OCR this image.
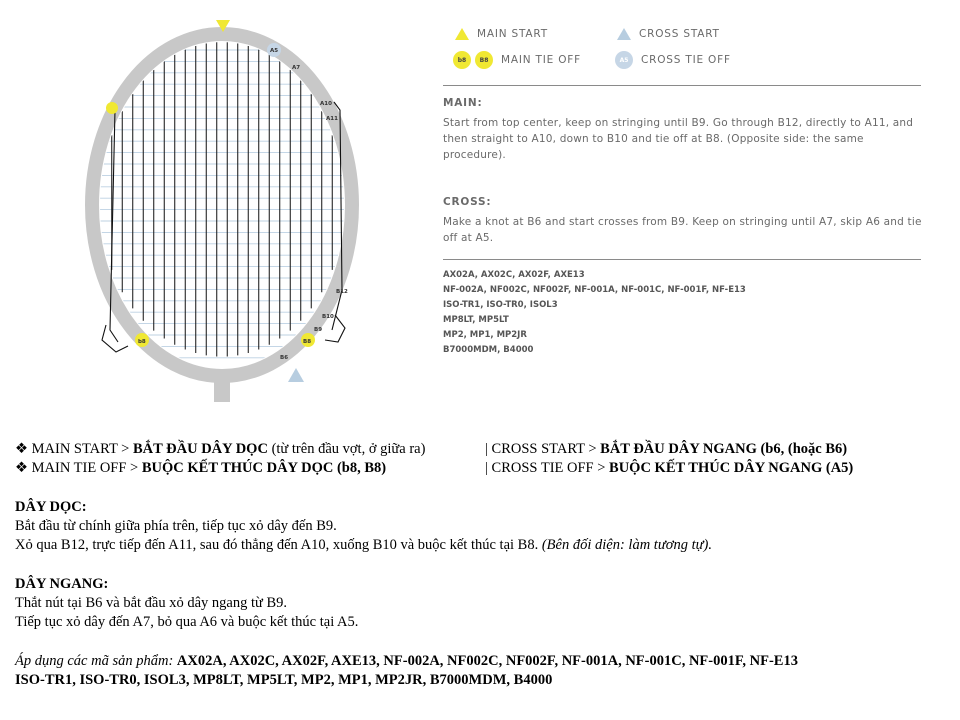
A5
A7
A10
A11
B12
B10
B9
B8
B6
b8
MAIN START	CROSS START
b8	B8	MAIN TIE OFF	A5	CROSS TIE OFF
MAIN:
Start from top center, keep on stringing until B9. Go through B12, directly to A11, and then straight to A10, down to B10 and tie off at B8. (Opposite side: the same procedure).
CROSS:
Make a knot at B6 and start crosses from B9. Keep on stringing until A7, skip A6 and tie off at A5.
AX02A, AX02C, AX02F, AXE13
NF-002A, NF002C, NF002F, NF-001A, NF-001C, NF-001F, NF-E13
ISO-TR1, ISO-TR0, ISOL3
MP8LT, MP5LT
MP2, MP1, MP2JR
B7000MDM, B4000
❖ MAIN START > BẮT ĐẦU DÂY DỌC (từ trên đầu vợt, ở giữa ra)	| CROSS START > BẮT ĐẦU DÂY NGANG (b6, (hoặc B6)
❖ MAIN TIE OFF > BUỘC KẾT THÚC DÂY DỌC (b8, B8)	| CROSS TIE OFF > BUỘC KẾT THÚC DÂY NGANG (A5)
DÂY DỌC:
Bắt đầu từ chính giữa phía trên, tiếp tục xỏ dây đến B9.
Xỏ qua B12, trực tiếp đến A11, sau đó thẳng đến A10, xuống B10 và buộc kết thúc tại B8. (Bên đối diện: làm tương tự).
DÂY NGANG:
Thắt nút tại B6 và bắt đầu xỏ dây ngang từ B9.
Tiếp tục xỏ dây đến A7, bỏ qua A6 và buộc kết thúc tại A5.
Áp dụng các mã sản phẩm: AX02A, AX02C, AX02F, AXE13, NF-002A, NF002C, NF002F, NF-001A, NF-001C, NF-001F, NF-E13
ISO-TR1, ISO-TR0, ISOL3, MP8LT, MP5LT, MP2, MP1, MP2JR, B7000MDM, B4000
